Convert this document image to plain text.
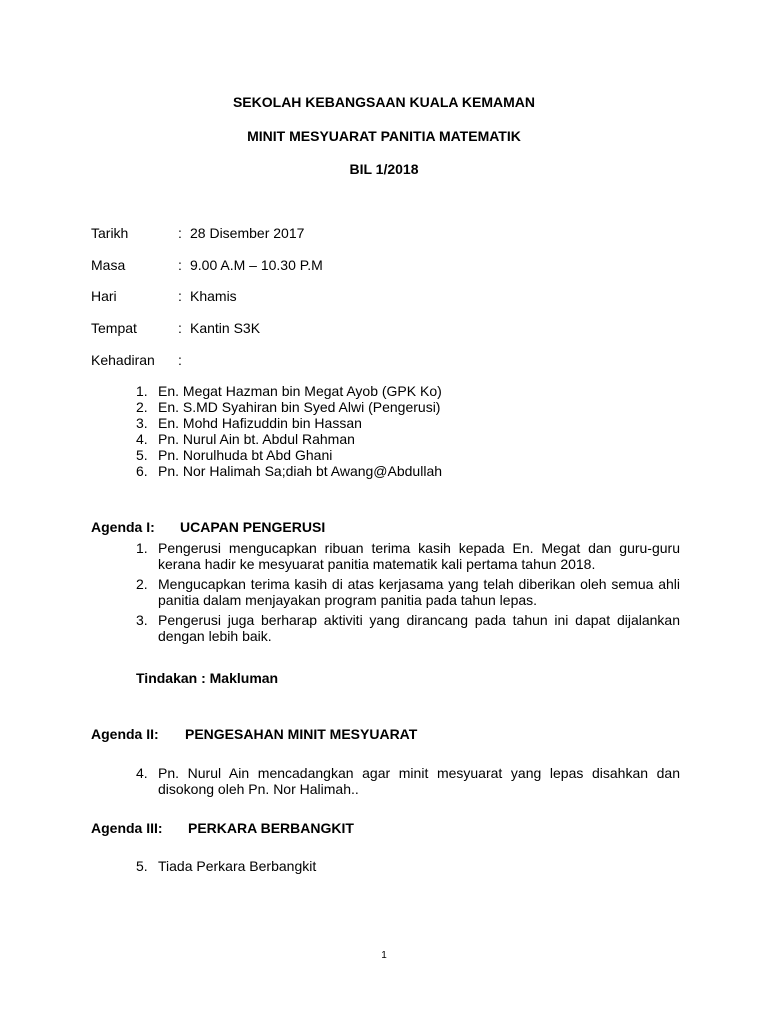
SEKOLAH KEBANGSAAN KUALA KEMAMAN
MINIT MESYUARAT PANITIA MATEMATIK
BIL 1/2018
Tarikh	: 28 Disember 2017
Masa	: 9.00 A.M – 10.30 P.M
Hari	: Khamis
Tempat	: Kantin S3K
Kehadiran :
1. En. Megat Hazman bin Megat Ayob (GPK Ko)
2. En. S.MD Syahiran bin Syed Alwi (Pengerusi)
3. En. Mohd Hafizuddin bin Hassan
4. Pn. Nurul Ain bt. Abdul Rahman
5. Pn. Norulhuda bt Abd Ghani
6. Pn. Nor Halimah Sa;diah bt Awang@Abdullah
Agenda I: UCAPAN PENGERUSI
1. Pengerusi mengucapkan ribuan terima kasih kepada En. Megat dan guru-guru kerana hadir ke mesyuarat panitia matematik kali pertama tahun 2018.
2. Mengucapkan terima kasih di atas kerjasama yang telah diberikan oleh semua ahli panitia dalam menjayakan program panitia pada tahun lepas.
3. Pengerusi juga berharap aktiviti yang dirancang pada tahun ini dapat dijalankan dengan lebih baik.
Tindakan : Makluman
Agenda II: PENGESAHAN MINIT MESYUARAT
4. Pn. Nurul Ain mencadangkan agar minit mesyuarat yang lepas disahkan dan disokong oleh Pn. Nor Halimah..
Agenda III: PERKARA BERBANGKIT
5. Tiada Perkara Berbangkit
1
